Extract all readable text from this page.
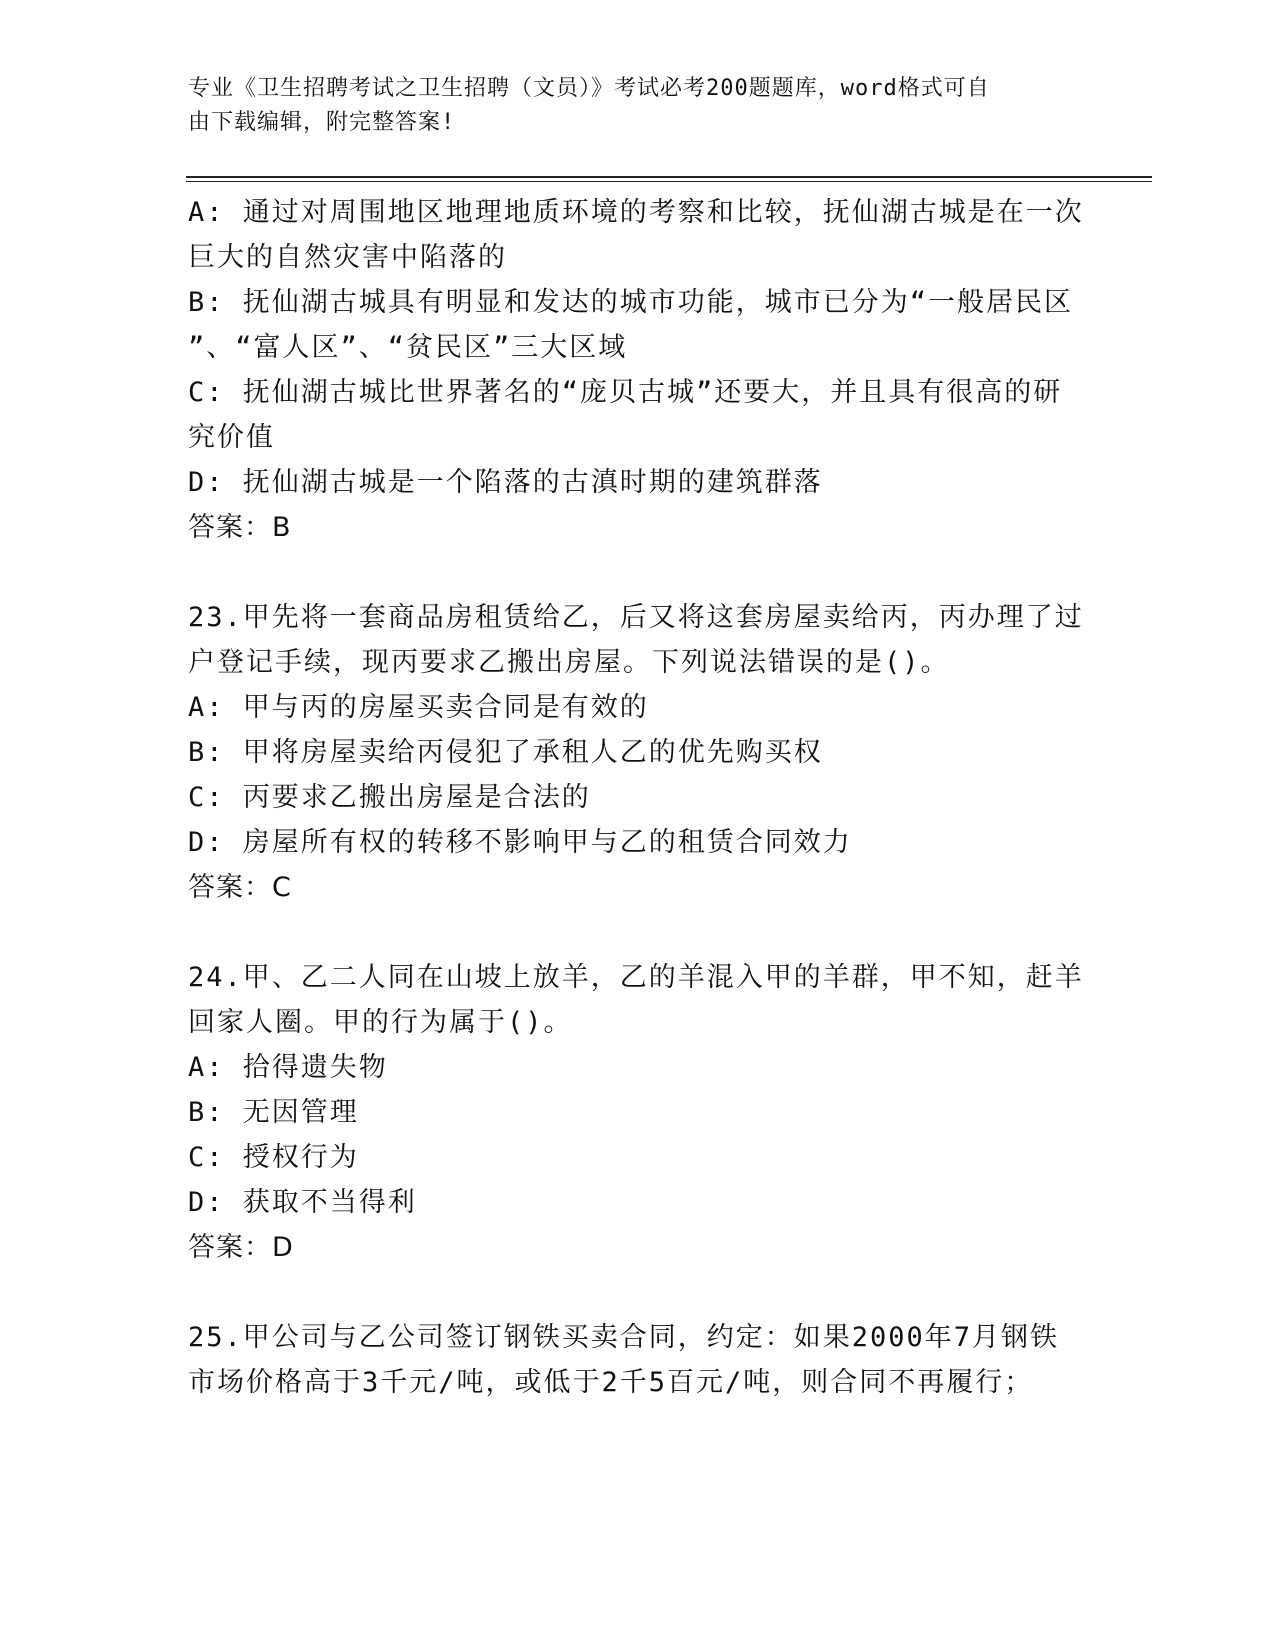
专业《卫生招聘考试之卫生招聘（文员）》考试必考200题题库，word格式可自
由下载编辑，附完整答案!
A: 通过对周围地区地理地质环境的考察和比较，抚仙湖古城是在一次
巨大的自然灾害中陷落的
B: 抚仙湖古城具有明显和发达的城市功能，城市已分为“一般居民区
”、“富人区”、“贫民区”三大区域
C: 抚仙湖古城比世界著名的“庞贝古城”还要大，并且具有很高的研
究价值
D: 抚仙湖古城是一个陷落的古滇时期的建筑群落
答案：B
23.甲先将一套商品房租赁给乙，后又将这套房屋卖给丙，丙办理了过
户登记手续，现丙要求乙搬出房屋。下列说法错误的是()。
A: 甲与丙的房屋买卖合同是有效的
B: 甲将房屋卖给丙侵犯了承租人乙的优先购买权
C: 丙要求乙搬出房屋是合法的
D: 房屋所有权的转移不影响甲与乙的租赁合同效力
答案：C
24.甲、乙二人同在山坡上放羊，乙的羊混入甲的羊群，甲不知，赶羊
回家人圈。甲的行为属于()。
A: 拾得遗失物
B: 无因管理
C: 授权行为
D: 获取不当得利
答案：D
25.甲公司与乙公司签订钢铁买卖合同，约定：如果2000年7月钢铁
市场价格高于3千元/吨，或低于2千5百元/吨，则合同不再履行；
